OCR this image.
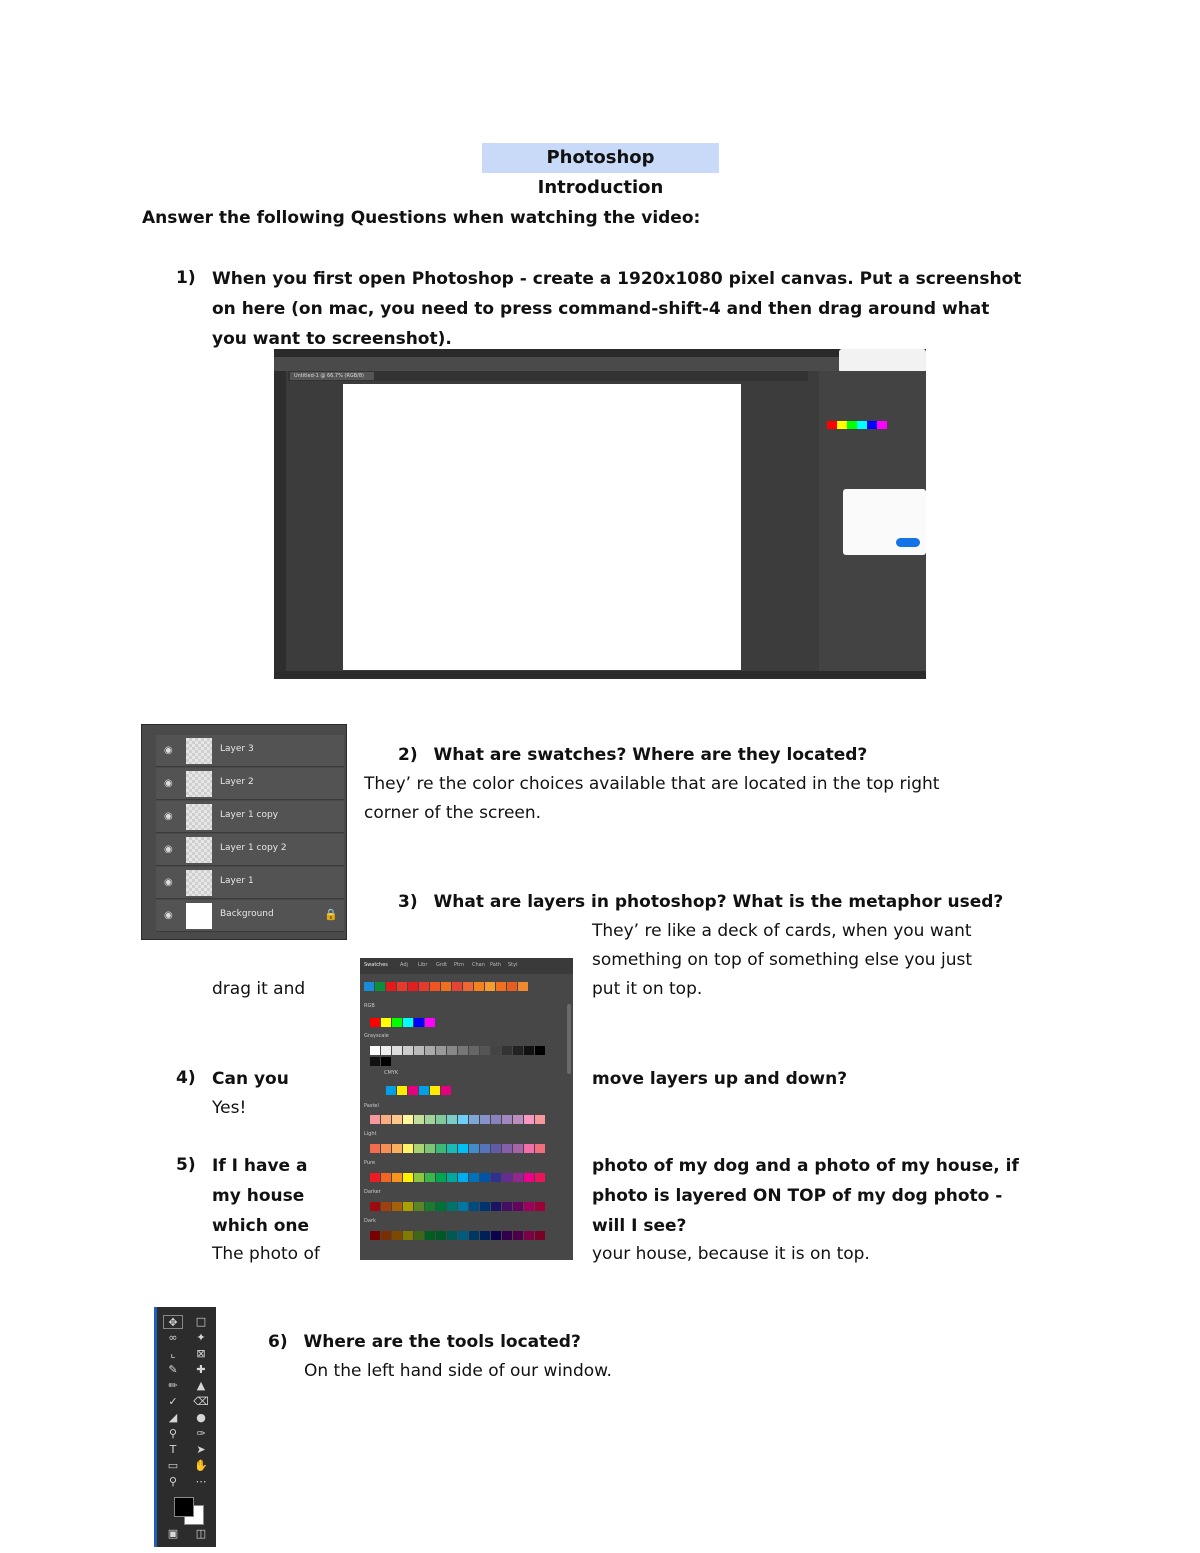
Photoshop Introduction
Answer the following Questions when watching the video:
1) When you first open Photoshop - create a 1920x1080 pixel canvas. Put a screenshot
on here (on mac, you need to press command-shift-4 and then drag around what
you want to screenshot).
Untitled-1 @ 66.7% (RGB/8)
◉	Layer 3
◉	Layer 2
◉	Layer 1 copy
◉	Layer 1 copy 2
◉	Layer 1
◉	Background	🔒
2) What are swatches? Where are they located?
They’ re the color choices available that are located in the top right
corner of the screen.
3) What are layers in photoshop? What is the metaphor used?
They’ re like a deck of cards, when you want
something on top of something else you just
put it on top.
drag it and
Swatches Adj Libr Grdt Ptrn Chan Path Styl
RGB
Grayscale
CMYK
Pastel
Light
Pure
Darker
Dark
4) Can you	move layers up and down?
Yes!
5) If I have a
my house
which one
photo of my dog and a photo of my house, if
photo is layered ON TOP of my dog photo -
will I see?
The photo of	your house, because it is on top.
✥	□
∞	✦
⌞	⊠
✎	✚
✏	▲
✓	⌫
◢	●
⚲	✑
T	➤
▭	✋
⚲	⋯
▣	◫
6) Where are the tools located?
On the left hand side of our window.
